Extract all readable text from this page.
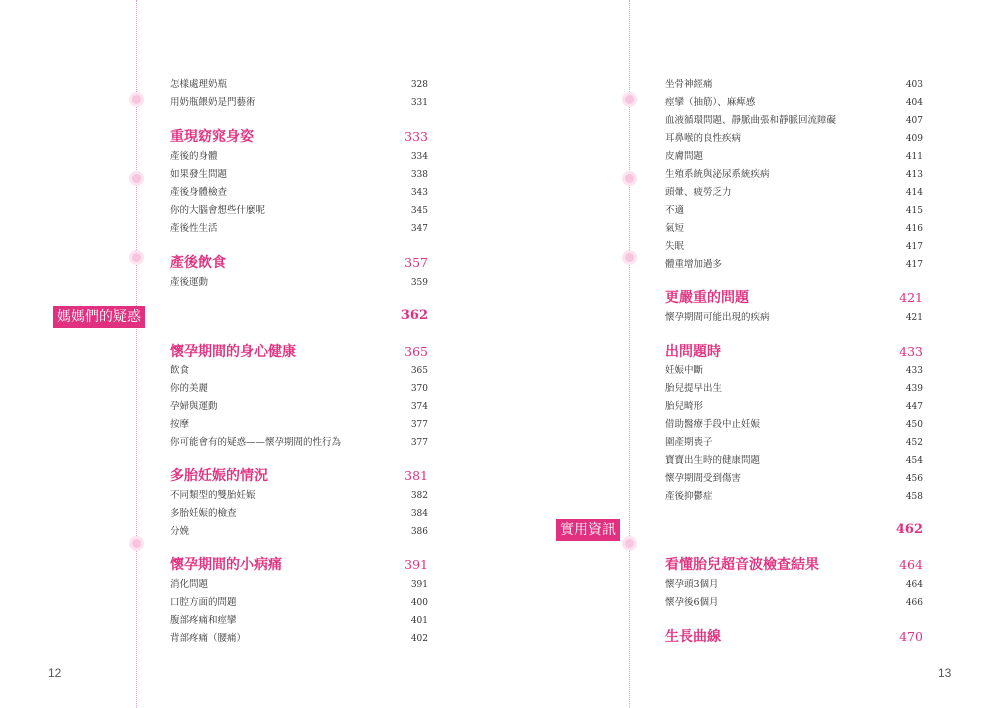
怎樣處理奶瓶	328
用奶瓶餵奶是門藝術	331
重現窈窕身姿	333
產後的身體	334
如果發生問題	338
產後身體檢查	343
你的大腦會想些什麼呢	345
產後性生活	347
產後飲食	357
產後運動	359
媽媽們的疑惑	362
懷孕期間的身心健康	365
飲食	365
你的美麗	370
孕婦與運動	374
按摩	377
你可能會有的疑惑——懷孕期間的性行為	377
多胎妊娠的情況	381
不同類型的雙胎妊娠	382
多胎妊娠的檢查	384
分娩	386
懷孕期間的小病痛	391
消化問題	391
口腔方面的問題	400
腹部疼痛和痙攣	401
背部疼痛（腰痛）	402
12
坐骨神經痛	403
痙攣（抽筋）、麻痺感	404
血液循環問題、靜脈曲張和靜脈回流障礙	407
耳鼻喉的良性疾病	409
皮膚問題	411
生殖系統與泌尿系統疾病	413
頭暈、疲勞乏力	414
不適	415
氣短	416
失眠	417
體重增加過多	417
更嚴重的問題	421
懷孕期間可能出現的疾病	421
出問題時	433
妊娠中斷	433
胎兒提早出生	439
胎兒畸形	447
借助醫療手段中止妊娠	450
圍產期喪子	452
寶寶出生時的健康問題	454
懷孕期間受到傷害	456
產後抑鬱症	458
實用資訊	462
看懂胎兒超音波檢查結果	464
懷孕頭3個月	464
懷孕後6個月	466
生長曲線	470
13
